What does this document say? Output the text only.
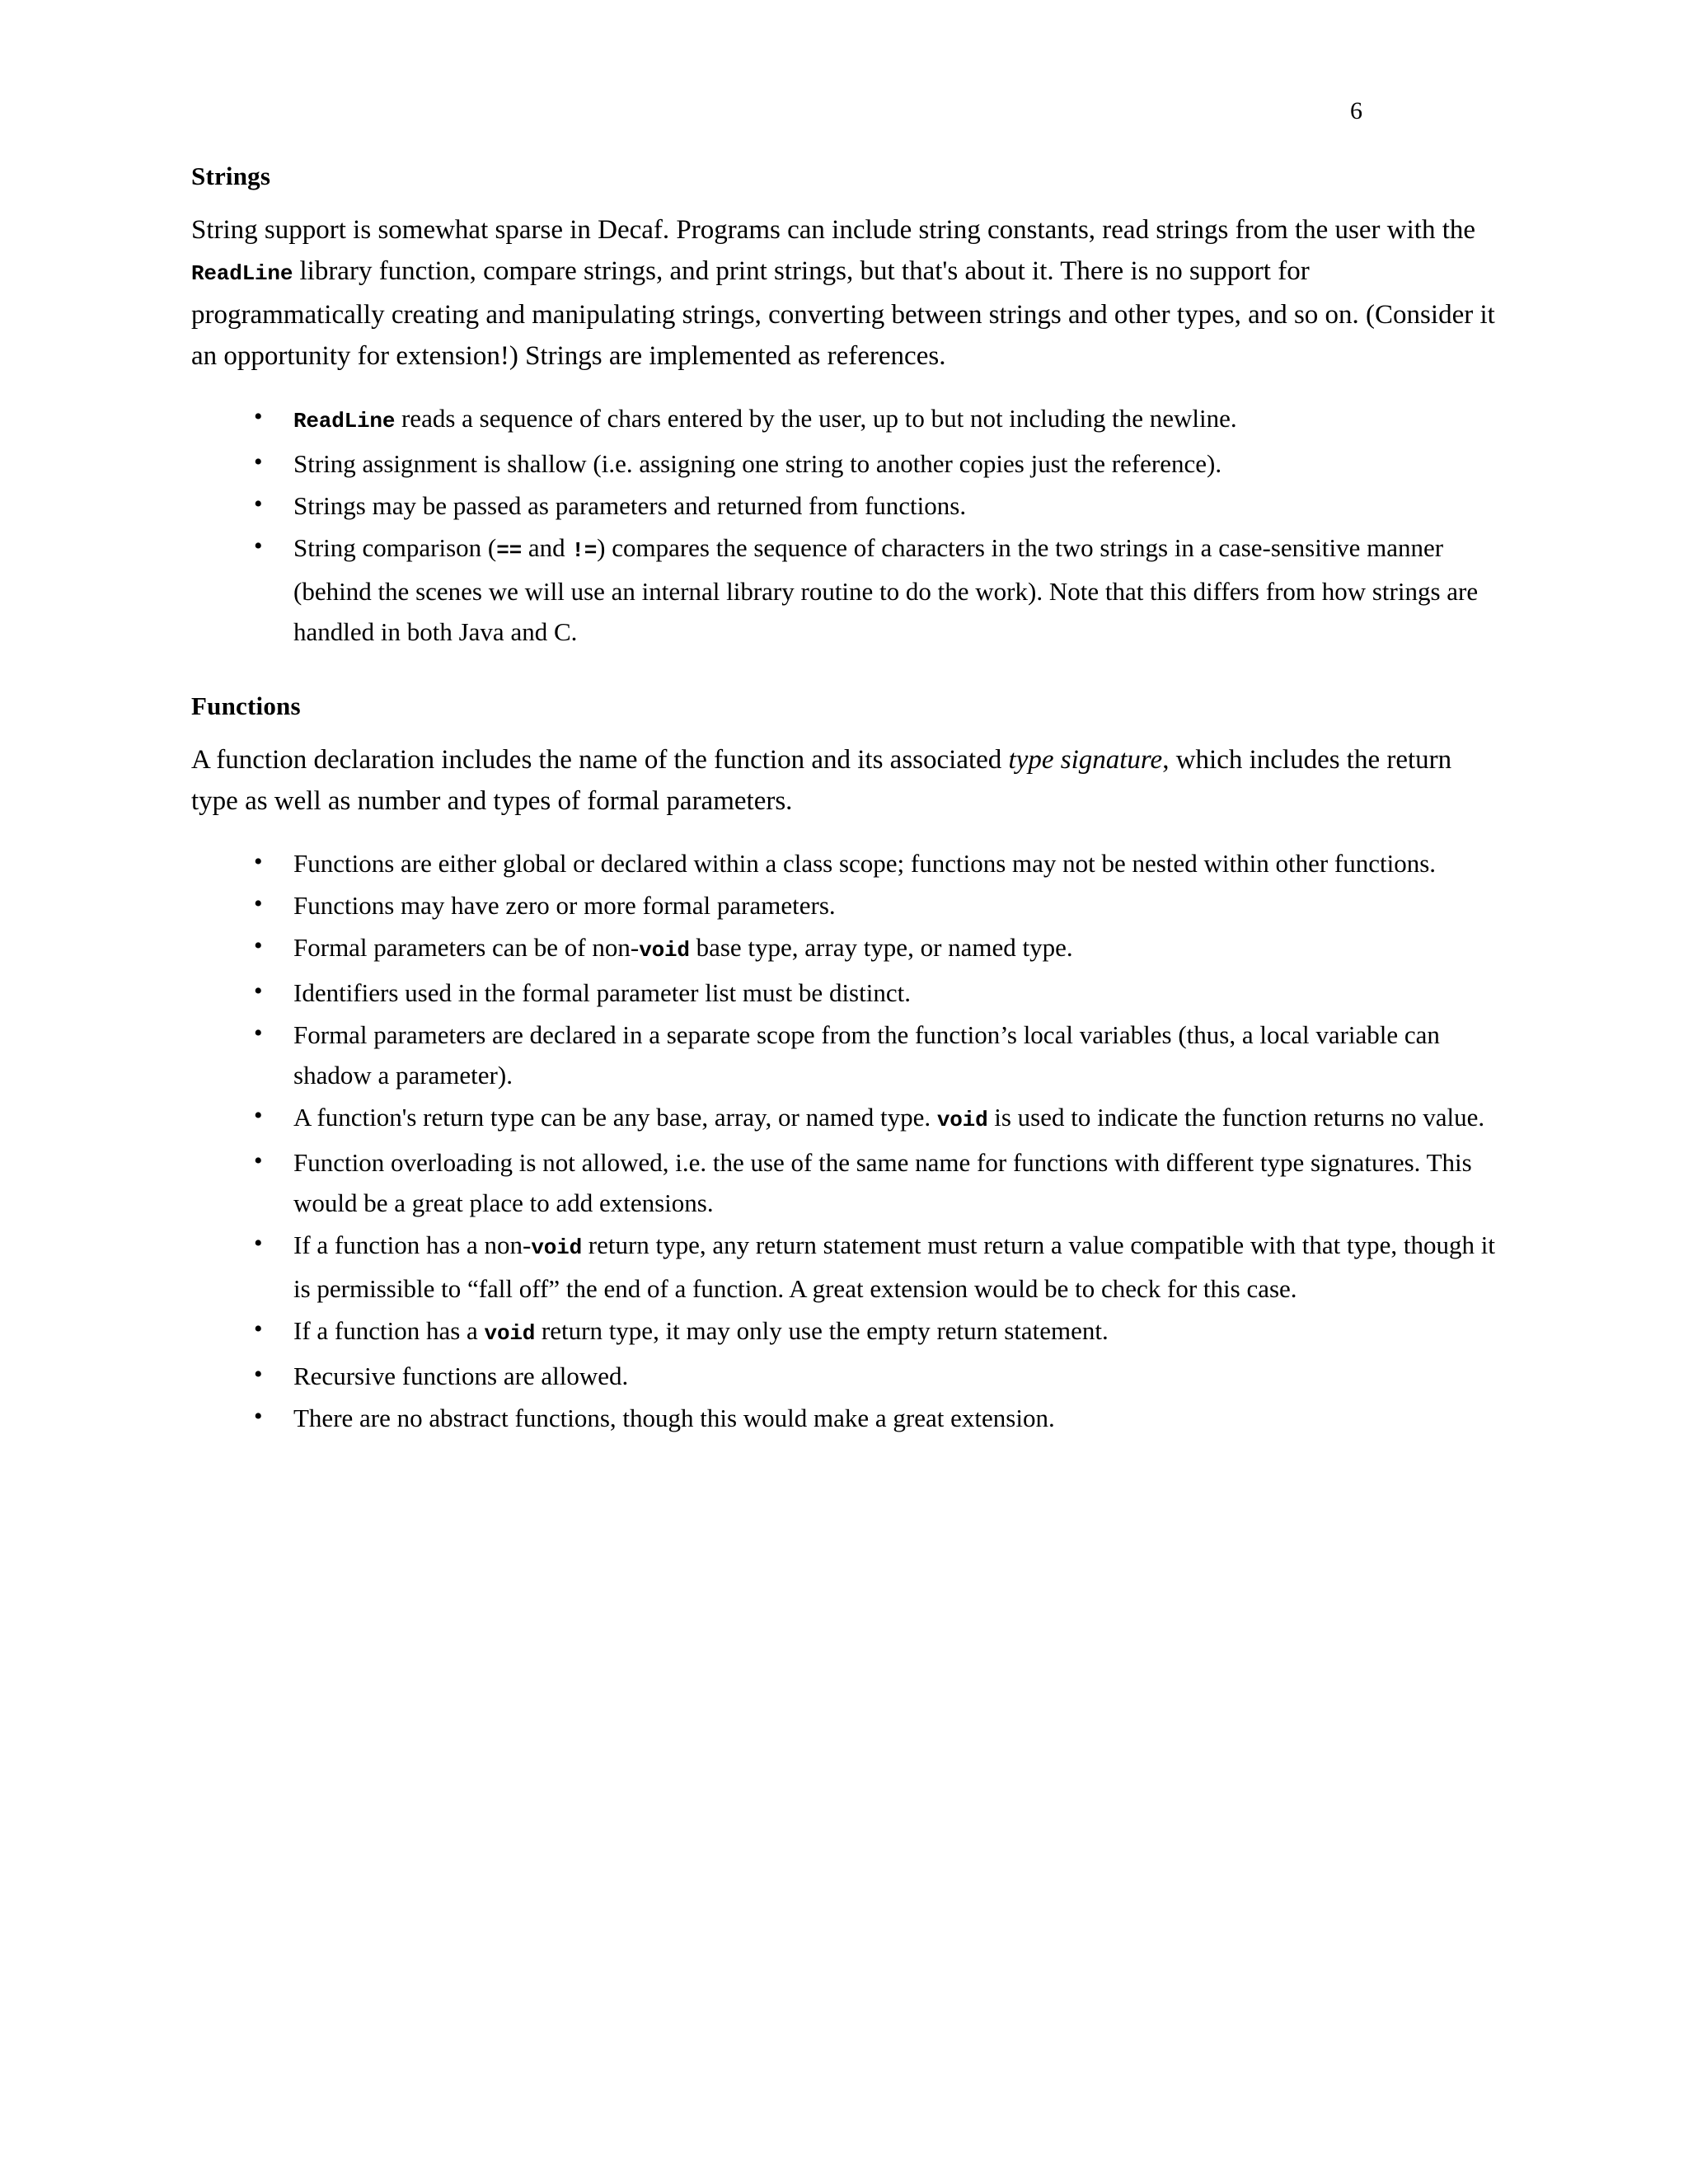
6
Strings

String support is somewhat sparse in Decaf. Programs can include string constants, read strings from the user with the ReadLine library function, compare strings, and print strings, but that's about it. There is no support for programmatically creating and manipulating strings, converting between strings and other types, and so on. (Consider it an opportunity for extension!) Strings are implemented as references.

• ReadLine reads a sequence of chars entered by the user, up to but not including the newline.
• String assignment is shallow (i.e. assigning one string to another copies just the reference).
• Strings may be passed as parameters and returned from functions.
• String comparison (== and !=) compares the sequence of characters in the two strings in a case-sensitive manner (behind the scenes we will use an internal library routine to do the work). Note that this differs from how strings are handled in both Java and C.
Functions

A function declaration includes the name of the function and its associated type signature, which includes the return type as well as number and types of formal parameters.

• Functions are either global or declared within a class scope; functions may not be nested within other functions.
• Functions may have zero or more formal parameters.
• Formal parameters can be of non-void base type, array type, or named type.
• Identifiers used in the formal parameter list must be distinct.
• Formal parameters are declared in a separate scope from the function’s local variables (thus, a local variable can shadow a parameter).
• A function's return type can be any base, array, or named type. void is used to indicate the function returns no value.
• Function overloading is not allowed, i.e. the use of the same name for functions with different type signatures. This would be a great place to add extensions.
• If a function has a non-void return type, any return statement must return a value compatible with that type, though it is permissible to “fall off” the end of a function. A great extension would be to check for this case.
• If a function has a void return type, it may only use the empty return statement.
• Recursive functions are allowed.
• There are no abstract functions, though this would make a great extension.
